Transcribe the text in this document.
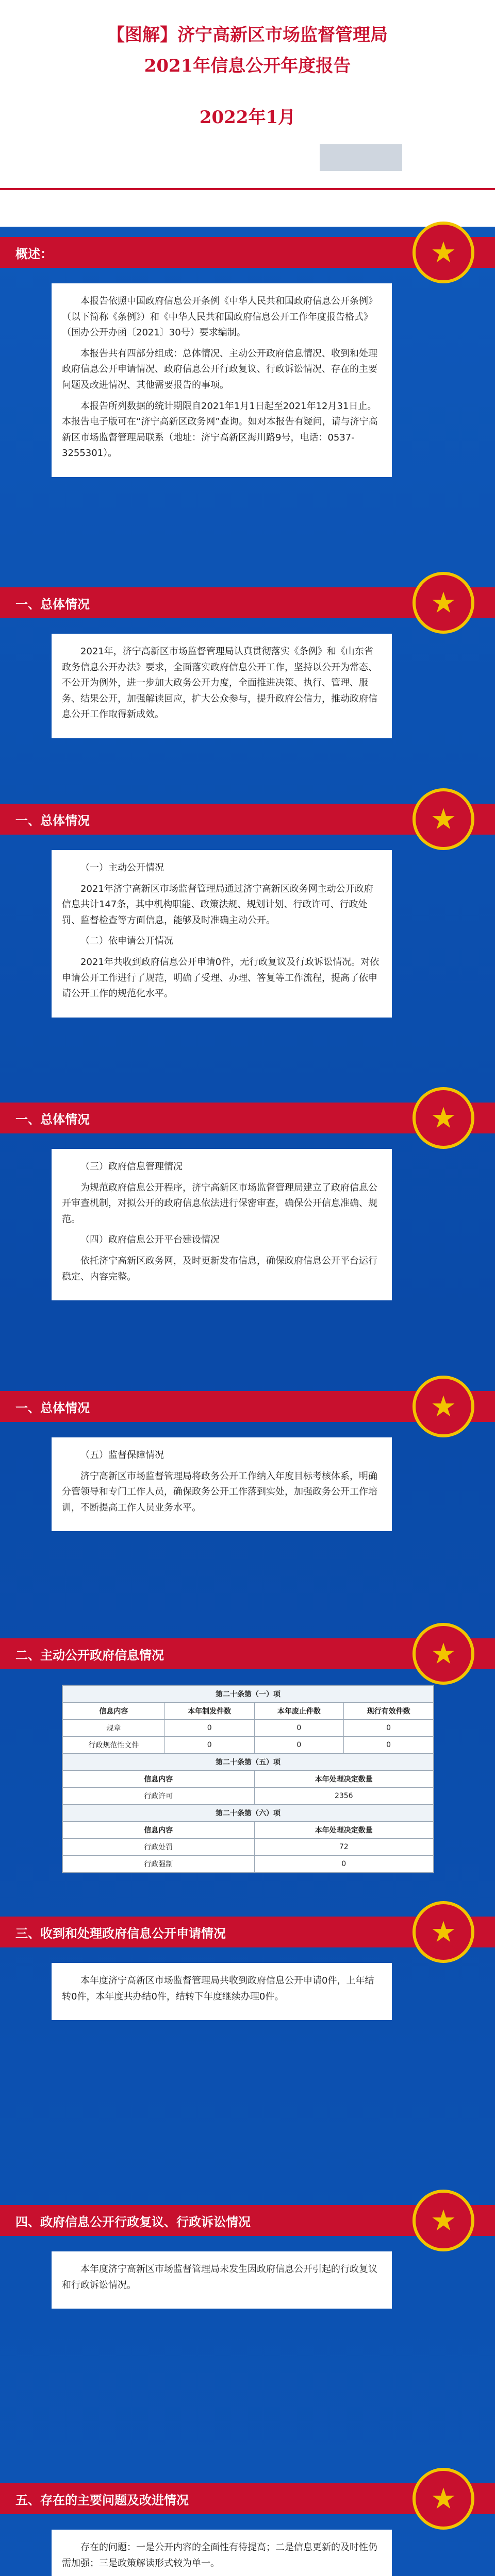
【图解】济宁高新区市场监督管理局
2021年信息公开年度报告
2022年1月
概述：	★

本报告依照中国政府信息公开条例《中华人民共和国政府信息公开条例》（以下简称《条例》）和《中华人民共和国政府信息公开工作年度报告格式》（国办公开办函〔2021〕30号）要求编制。

本报告共有四部分组成：总体情况、主动公开政府信息情况、收到和处理政府信息公开申请情况、政府信息公开行政复议、行政诉讼情况、存在的主要问题及改进情况、其他需要报告的事项。

本报告所列数据的统计期限自2021年1月1日起至2021年12月31日止。本报告电子版可在“济宁高新区政务网”查询。如对本报告有疑问，请与济宁高新区市场监督管理局联系（地址：济宁高新区海川路9号，电话：0537-3255301）。

一、总体情况	★

2021年，济宁高新区市场监督管理局认真贯彻落实《条例》和《山东省政务信息公开办法》要求，全面落实政府信息公开工作，坚持以公开为常态、不公开为例外，进一步加大政务公开力度，全面推进决策、执行、管理、服务、结果公开，加强解读回应，扩大公众参与，提升政府公信力，推动政府信息公开工作取得新成效。

一、总体情况	★

（一）主动公开情况

2021年济宁高新区市场监督管理局通过济宁高新区政务网主动公开政府信息共计147条，其中机构职能、政策法规、规划计划、行政许可、行政处罚、监督检查等方面信息，能够及时准确主动公开。

（二）依申请公开情况

2021年共收到政府信息公开申请0件，无行政复议及行政诉讼情况。对依申请公开工作进行了规范，明确了受理、办理、答复等工作流程，提高了依申请公开工作的规范化水平。

一、总体情况	★

（三）政府信息管理情况

为规范政府信息公开程序，济宁高新区市场监督管理局建立了政府信息公开审查机制，对拟公开的政府信息依法进行保密审查，确保公开信息准确、规范。

（四）政府信息公开平台建设情况

依托济宁高新区政务网，及时更新发布信息，确保政府信息公开平台运行稳定、内容完整。

一、总体情况	★

（五）监督保障情况

济宁高新区市场监督管理局将政务公开工作纳入年度目标考核体系，明确分管领导和专门工作人员，确保政务公开工作落到实处，加强政务公开工作培训，不断提高工作人员业务水平。

二、主动公开政府信息情况	★
第二十条第（一）项			
信息内容	本年制发件数	本年废止件数	现行有效件数
规章	0	0	0
行政规范性文件	0	0	0
第二十条第（五）项			
信息内容		本年处理决定数量	
行政许可		2356	
第二十条第（六）项			
信息内容		本年处理决定数量	
行政处罚		72	
行政强制		0	
三、收到和处理政府信息公开申请情况	★

本年度济宁高新区市场监督管理局共收到政府信息公开申请0件，上年结转0件，本年度共办结0件，结转下年度继续办理0件。

四、政府信息公开行政复议、行政诉讼情况	★

本年度济宁高新区市场监督管理局未发生因政府信息公开引起的行政复议和行政诉讼情况。

五、存在的主要问题及改进情况	★

存在的问题：一是公开内容的全面性有待提高；二是信息更新的及时性仍需加强；三是政策解读形式较为单一。
